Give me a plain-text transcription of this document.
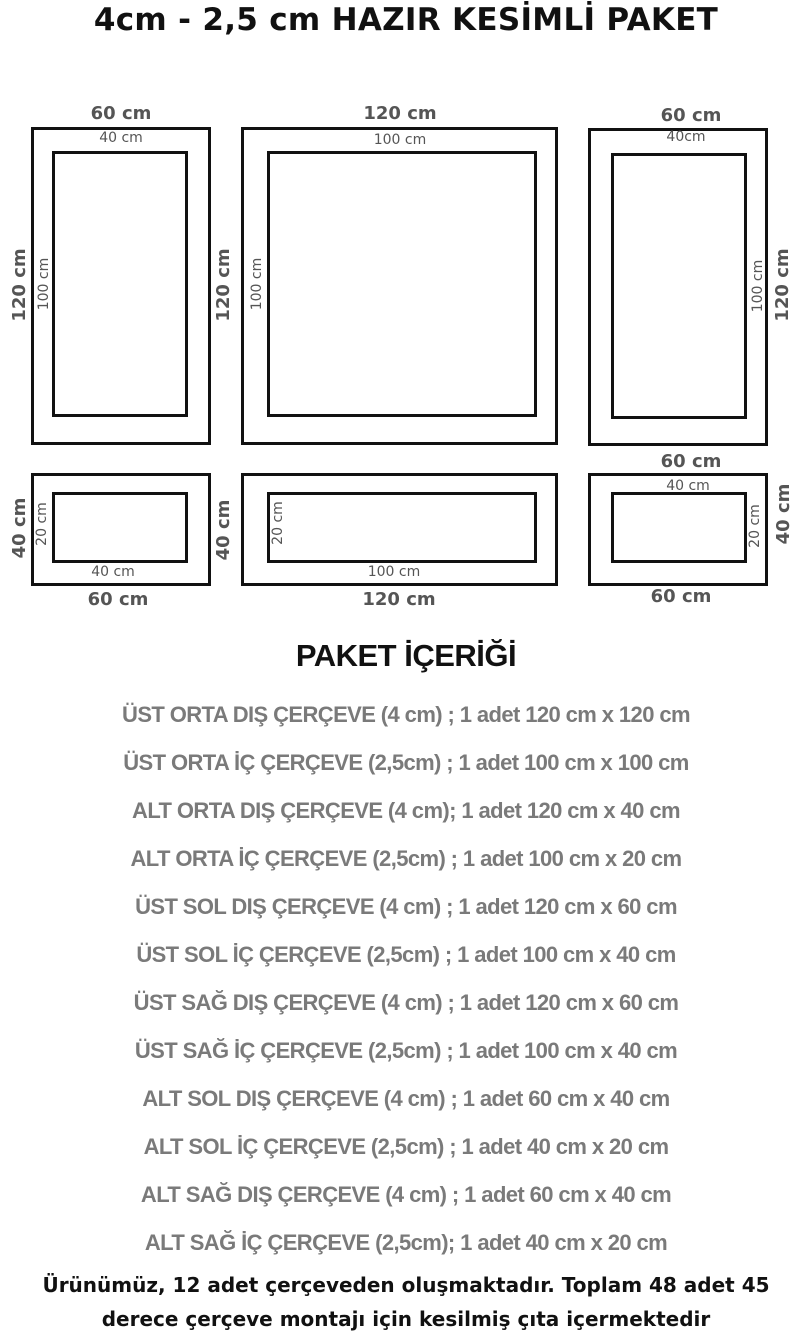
4cm - 2,5 cm HAZIR KESİMLİ PAKET
60 cm
40 cm
120 cm 100 cm
120 cm
100 cm
120 cm 100 cm
60 cm
40cm
120 cm
100 cm
40 cm
60 cm
40 cm 20 cm
100 cm
120 cm
40 cm	20 cm
60 cm
40 cm
60 cm
40 cm
20 cm
PAKET İÇERİĞİ
ÜST ORTA DIŞ ÇERÇEVE (4 cm) ; 1 adet 120 cm x 120 cm
ÜST ORTA İÇ ÇERÇEVE (2,5cm) ; 1 adet 100 cm x 100 cm
ALT ORTA DIŞ ÇERÇEVE (4 cm); 1 adet 120 cm x 40 cm
ALT ORTA İÇ ÇERÇEVE (2,5cm) ; 1 adet 100 cm x 20 cm
ÜST SOL DIŞ ÇERÇEVE (4 cm) ; 1 adet 120 cm x 60 cm
ÜST SOL İÇ ÇERÇEVE (2,5cm) ; 1 adet 100 cm x 40 cm
ÜST SAĞ DIŞ ÇERÇEVE (4 cm) ; 1 adet 120 cm x 60 cm
ÜST SAĞ İÇ ÇERÇEVE (2,5cm) ; 1 adet 100 cm x 40 cm
ALT SOL DIŞ ÇERÇEVE (4 cm) ; 1 adet 60 cm x 40 cm
ALT SOL İÇ ÇERÇEVE (2,5cm) ; 1 adet 40 cm x 20 cm
ALT SAĞ DIŞ ÇERÇEVE (4 cm) ; 1 adet 60 cm x 40 cm
ALT SAĞ İÇ ÇERÇEVE (2,5cm); 1 adet 40 cm x 20 cm
Ürünümüz, 12 adet çerçeveden oluşmaktadır. Toplam 48 adet 45
derece çerçeve montajı için kesilmiş çıta içermektedir
